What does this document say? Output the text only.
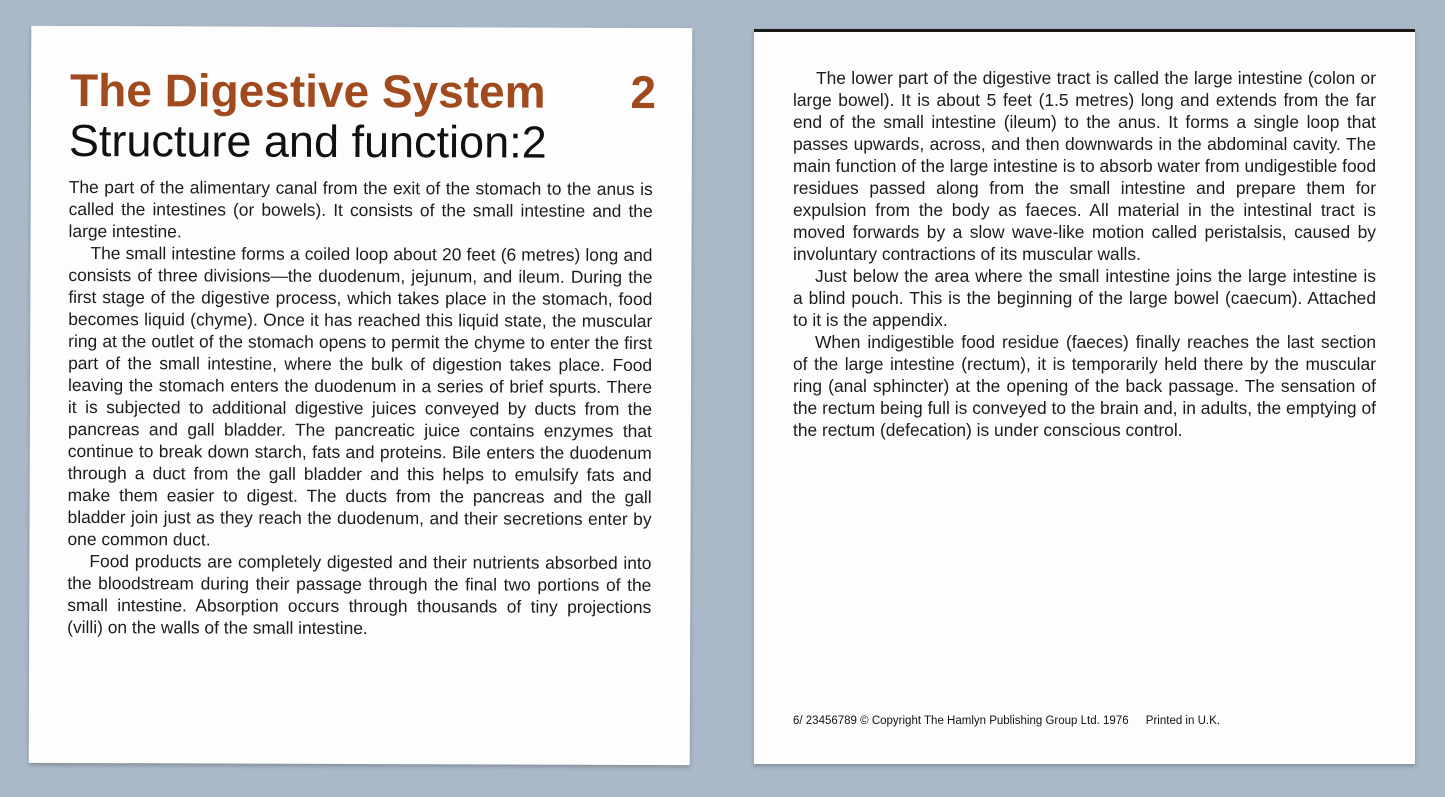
The Digestive System 2
Structure and function:2

The part of the alimentary canal from the exit of the stomach to the anus is called the intestines (or bowels). It consists of the small intestine and the large intestine.

The small intestine forms a coiled loop about 20 feet (6 metres) long and consists of three divisions—the duodenum, jejunum, and ileum. During the first stage of the digestive process, which takes place in the stomach, food becomes liquid (chyme). Once it has reached this liquid state, the muscular ring at the outlet of the stomach opens to permit the chyme to enter the first part of the small intestine, where the bulk of digestion takes place. Food leaving the stomach enters the duodenum in a series of brief spurts. There it is subjected to additional digestive juices conveyed by ducts from the pancreas and gall bladder. The pancreatic juice contains enzymes that continue to break down starch, fats and proteins. Bile enters the duodenum through a duct from the gall bladder and this helps to emulsify fats and make them easier to digest. The ducts from the pancreas and the gall bladder join just as they reach the duodenum, and their secretions enter by one common duct.

Food products are completely digested and their nutrients absorbed into the bloodstream during their passage through the final two portions of the small intestine. Absorption occurs through thousands of tiny projections (villi) on the walls of the small intestine.

The lower part of the digestive tract is called the large intestine (colon or large bowel). It is about 5 feet (1.5 metres) long and extends from the far end of the small intestine (ileum) to the anus. It forms a single loop that passes upwards, across, and then downwards in the abdominal cavity. The main function of the large intestine is to absorb water from undigestible food residues passed along from the small intestine and prepare them for expulsion from the body as faeces. All material in the intestinal tract is moved forwards by a slow wave-like motion called peristalsis, caused by involuntary contractions of its muscular walls.

Just below the area where the small intestine joins the large intestine is a blind pouch. This is the beginning of the large bowel (caecum). Attached to it is the appendix.

When indigestible food residue (faeces) finally reaches the last section of the large intestine (rectum), it is temporarily held there by the muscular ring (anal sphincter) at the opening of the back passage. The sensation of the rectum being full is conveyed to the brain and, in adults, the emptying of the rectum (defecation) is under conscious control.

6/ 23456789 © Copyright The Hamlyn Publishing Group Ltd. 1976 Printed in U.K.
